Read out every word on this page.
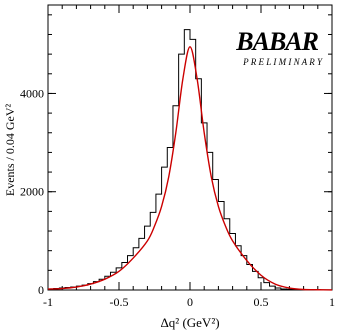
-1	-0.5	0	0.5	1
0
2000
4000
Δq² (GeV²)
Events / 0.04 GeV²
BABAR
P R E L I M I N A R Y
